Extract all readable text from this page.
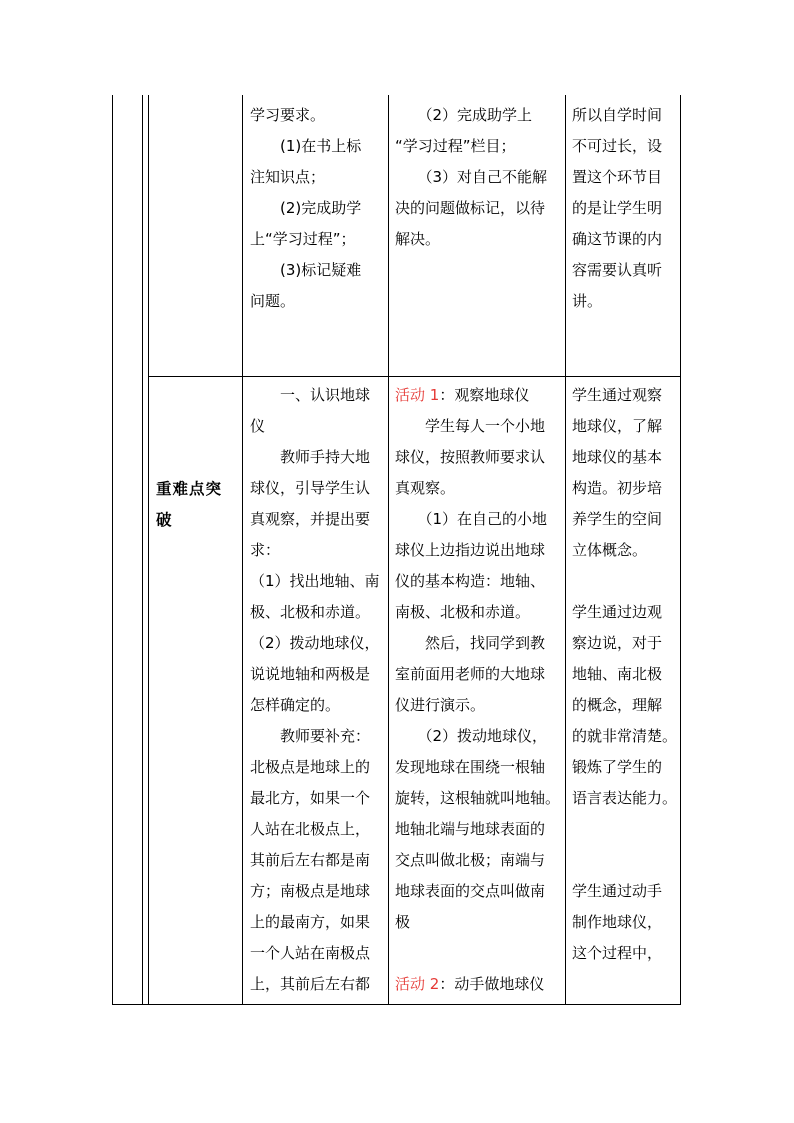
学习要求。
　　(1)在书上标
注知识点；
　　(2)完成助学
上“学习过程”；
　　(3)标记疑难
问题。
　　（2）完成助学上
“学习过程”栏目；
　　（3）对自己不能解
决的问题做标记，以待
解决。
所以自学时间
不可过长，设
置这个环节目
的是让学生明
确这节课的内
容需要认真听
讲。
重难点突
破
　　一、认识地球
仪
　　教师手持大地
球仪，引导学生认
真观察，并提出要
求：
（1）找出地轴、南
极、北极和赤道。
（2）拨动地球仪，
说说地轴和两极是
怎样确定的。
　　教师要补充：
北极点是地球上的
最北方，如果一个
人站在北极点上，
其前后左右都是南
方；南极点是地球
上的最南方，如果
一个人站在南极点
上，其前后左右都
活动 1：观察地球仪
　　学生每人一个小地
球仪，按照教师要求认
真观察。
　　（1）在自己的小地
球仪上边指边说出地球
仪的基本构造：地轴、
南极、北极和赤道。
　　然后，找同学到教
室前面用老师的大地球
仪进行演示。
　　（2）拨动地球仪，
发现地球在围绕一根轴
旋转，这根轴就叫地轴。
地轴北端与地球表面的
交点叫做北极；南端与
地球表面的交点叫做南
极

活动 2：动手做地球仪
学生通过观察
地球仪，了解
地球仪的基本
构造。初步培
养学生的空间
立体概念。

学生通过边观
察边说，对于
地轴、南北极
的概念，理解
的就非常清楚。
锻炼了学生的
语言表达能力。

学生通过动手
制作地球仪，
这个过程中，
